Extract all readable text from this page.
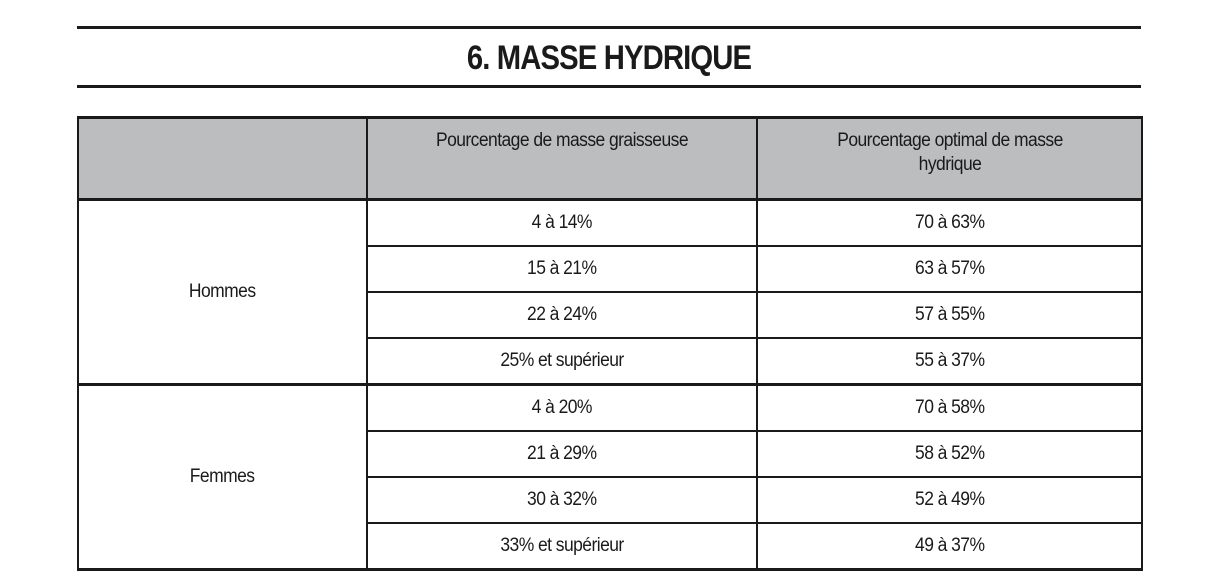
6. MASSE HYDRIQUE
	Pourcentage de masse graisseuse	Pourcentage optimal de masse hydrique
Hommes	4 à 14%	70 à 63%
	15 à 21%	63 à 57%
	22 à 24%	57 à 55%
	25% et supérieur	55 à 37%
Femmes	4 à 20%	70 à 58%
	21 à 29%	58 à 52%
	30 à 32%	52 à 49%
	33% et supérieur	49 à 37%
